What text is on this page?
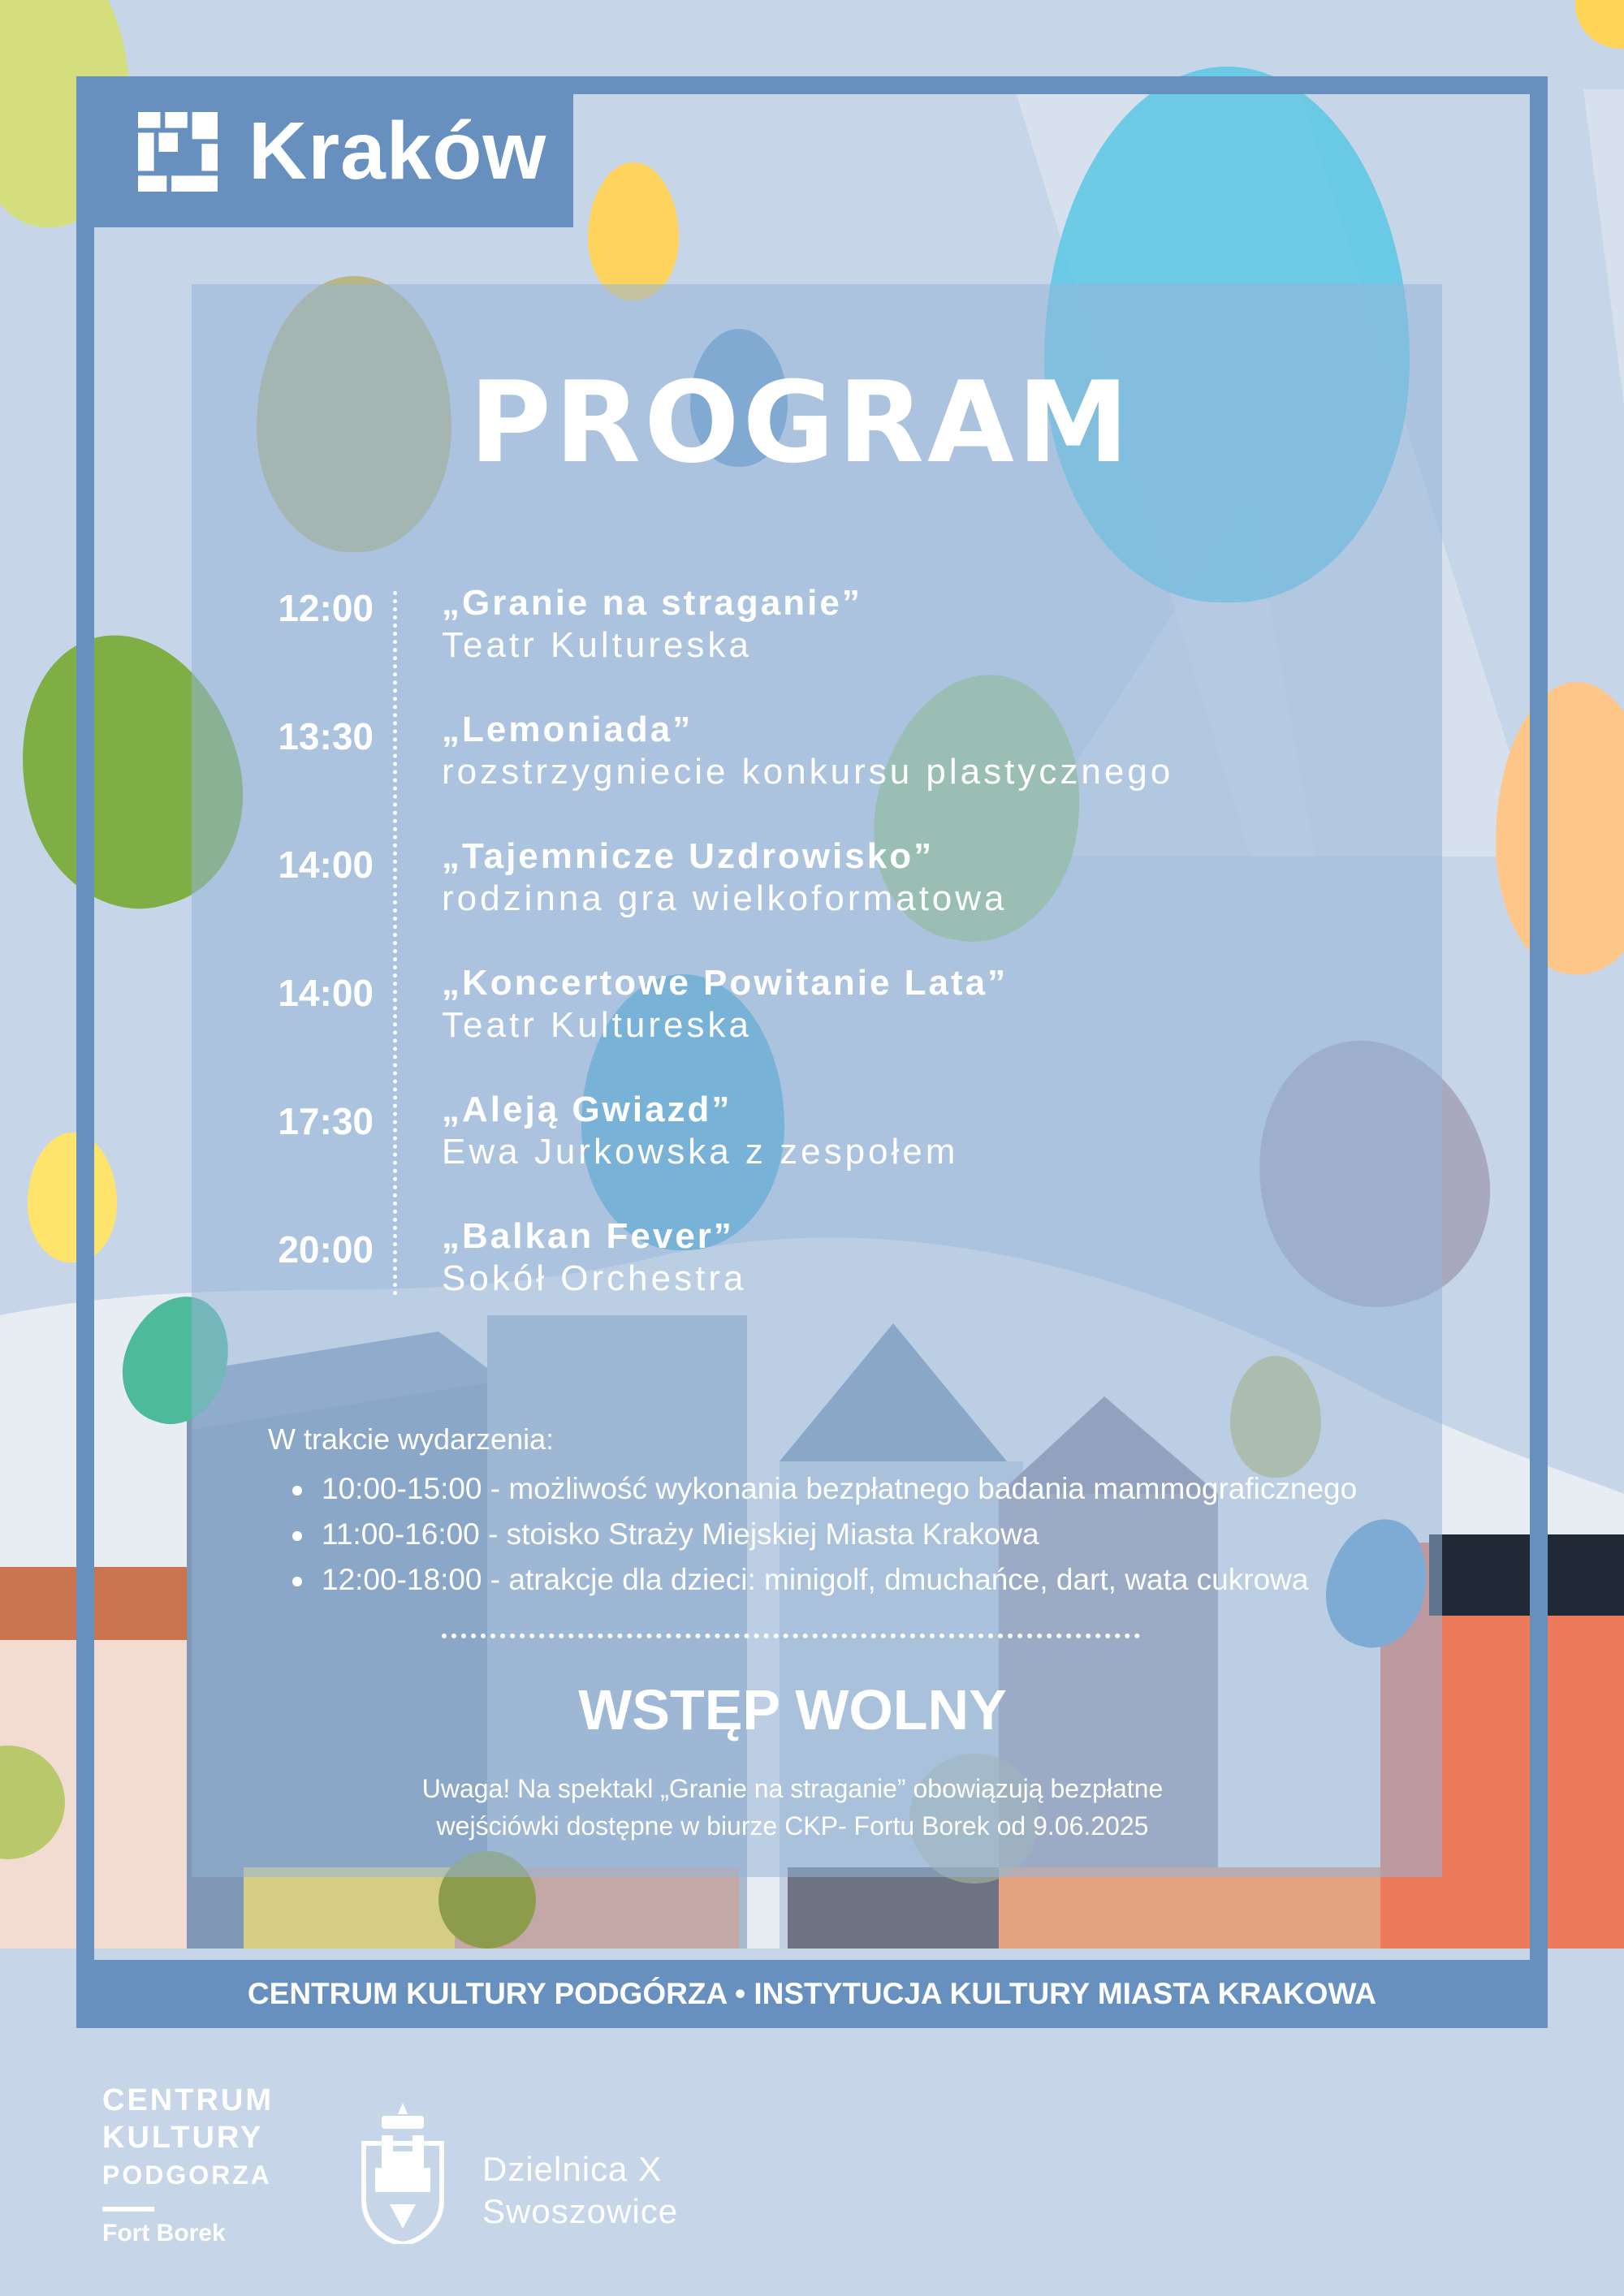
Kraków
PROGRAM
12:00 „Granie na straganie”
Teatr Kultureska
13:30 „Lemoniada”
rozstrzygniecie konkursu plastycznego
14:00 „Tajemnicze Uzdrowisko”
rodzinna gra wielkoformatowa
14:00 „Koncertowe Powitanie Lata”
Teatr Kultureska
17:30 „Aleją Gwiazd”
Ewa Jurkowska z zespołem
20:00 „Balkan Fever”
Sokół Orchestra
W trakcie wydarzenia:
10:00-15:00 - możliwość wykonania bezpłatnego badania mammograficznego
11:00-16:00 - stoisko Straży Miejskiej Miasta Krakowa
12:00-18:00 - atrakcje dla dzieci: minigolf, dmuchańce, dart, wata cukrowa
WSTĘP WOLNY
Uwaga! Na spektakl „Granie na straganie” obowiązują bezpłatne
wejściówki dostępne w biurze CKP- Fortu Borek od 9.06.2025
CENTRUM KULTURY PODGÓRZA • INSTYTUCJA KULTURY MIASTA KRAKOWA
CENTRUM
KULTURY
PODGORZA
Fort Borek
Dzielnica X
Swoszowice
